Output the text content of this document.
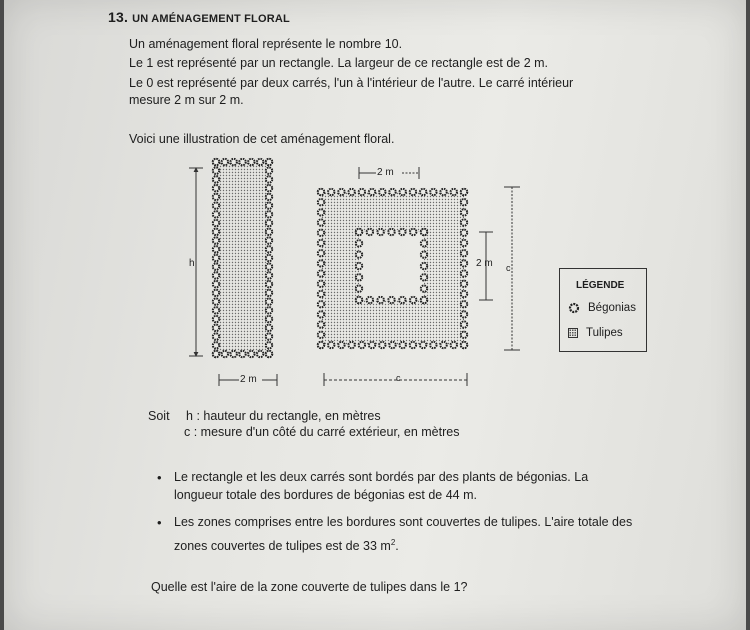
13. UN AMÉNAGEMENT FLORAL
Un aménagement floral représente le nombre 10.
Le 1 est représenté par un rectangle. La largeur de ce rectangle est de 2 m.
Le 0 est représenté par deux carrés, l'un à l'intérieur de l'autre. Le carré intérieur
mesure 2 m sur 2 m.
Voici une illustration de cet aménagement floral.
h	c
2 m
c
2 m
2 m
LÉGENDE
Bégonias
Tulipes
Soit h : hauteur du rectangle, en mètres
c : mesure d'un côté du carré extérieur, en mètres
• Le rectangle et les deux carrés sont bordés par des plants de bégonias. La
longueur totale des bordures de bégonias est de 44 m.
• Les zones comprises entre les bordures sont couvertes de tulipes. L'aire totale des
zones couvertes de tulipes est de 33 $m^2$.
Quelle est l'aire de la zone couverte de tulipes dans le 1?
